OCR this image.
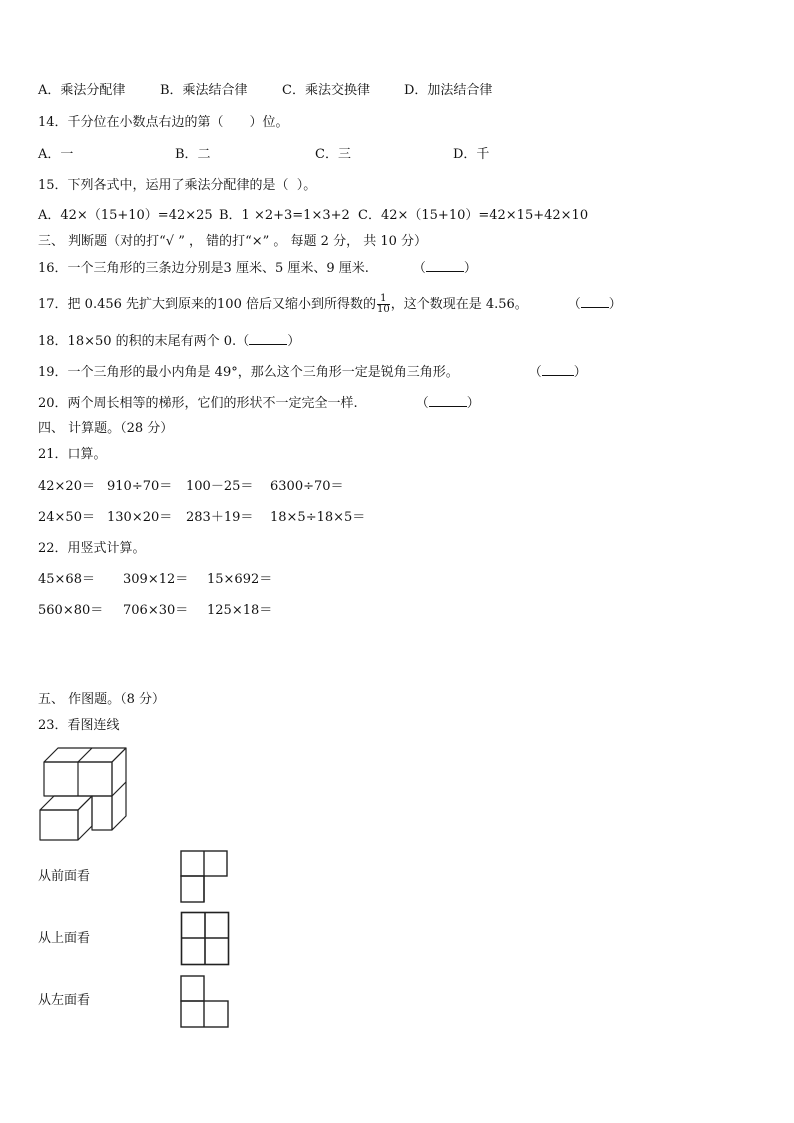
A．乘法分配律	B．乘法结合律	C．乘法交换律	D．加法结合律
14．千分位在小数点右边的第（　　）位。
A．一	B．二	C．三	D．千
15．下列各式中，运用了乘法分配律的是（  ）。
A．42×（15+10）=42×25 B．1 ×2+3=1×3+2 C．42×（15+10）=42×15+42×10
三、 判断题（对的打“√ ” ， 错的打“×” 。 每题 2 分， 共 10 分）
16．一个三角形的三条边分别是3 厘米、5 厘米、9 厘米.	（	）
17．把 0.456 先扩大到原来的100 倍后又缩小到所得数的 $\frac{1}{10}$ ，这个数现在是 4.56。	（ ）
18．18×50 的积的末尾有两个 0.（	）
19．一个三角形的最小内角是 49°，那么这个三角形一定是锐角三角形。	（ ）
20．两个周长相等的梯形，它们的形状不一定完全一样.	（	）
四、 计算题。（28 分）
21．口算。
42×20＝ 910÷70＝ 100－25＝ 6300÷70＝
24×50＝ 130×20＝ 283＋19＝ 18×5÷18×5＝
22．用竖式计算。
45×68＝ 309×12＝ 15×692＝
560×80＝ 706×30＝ 125×18＝
五、 作图题。（8 分）
23．看图连线
从前面看
从上面看
从左面看
